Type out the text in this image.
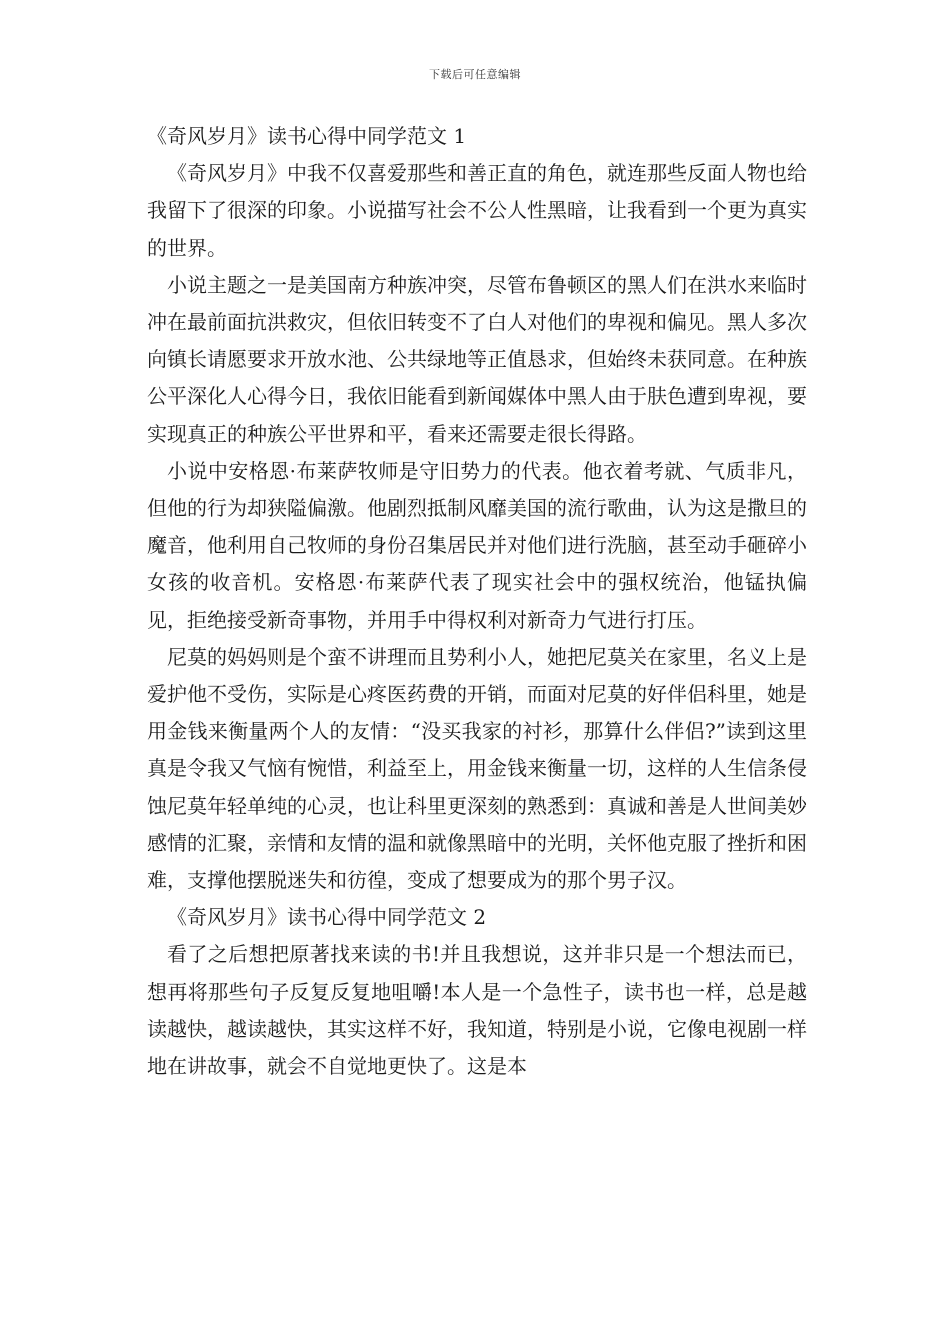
下载后可任意编辑
《奇风岁月》读书心得中同学范文 1

《奇风岁月》中我不仅喜爱那些和善正直的角色，就连那些反面人物也给我留下了很深的印象。小说描写社会不公人性黑暗，让我看到一个更为真实的世界。

小说主题之一是美国南方种族冲突，尽管布鲁顿区的黑人们在洪水来临时冲在最前面抗洪救灾，但依旧转变不了白人对他们的卑视和偏见。黑人多次向镇长请愿要求开放水池、公共绿地等正值恳求，但始终未获同意。在种族公平深化人心得今日，我依旧能看到新闻媒体中黑人由于肤色遭到卑视，要实现真正的种族公平世界和平，看来还需要走很长得路。

小说中安格恩·布莱萨牧师是守旧势力的代表。他衣着考就、气质非凡，但他的行为却狭隘偏激。他剧烈抵制风靡美国的流行歌曲，认为这是撒旦的魔音，他利用自己牧师的身份召集居民并对他们进行洗脑，甚至动手砸碎小女孩的收音机。安格恩·布莱萨代表了现实社会中的强权统治，他锰执偏见，拒绝接受新奇事物，并用手中得权利对新奇力气进行打压。

尼莫的妈妈则是个蛮不讲理而且势利小人，她把尼莫关在家里，名义上是爱护他不受伤，实际是心疼医药费的开销，而面对尼莫的好伴侣科里，她是用金钱来衡量两个人的友情：“没买我家的衬衫，那算什么伴侣?”读到这里真是令我又气恼有惋惜，利益至上，用金钱来衡量一切，这样的人生信条侵蚀尼莫年轻单纯的心灵，也让科里更深刻的熟悉到：真诚和善是人世间美妙感情的汇聚，亲情和友情的温和就像黑暗中的光明，关怀他克服了挫折和困难，支撑他摆脱迷失和彷徨，变成了想要成为的那个男子汉。

《奇风岁月》读书心得中同学范文 2

看了之后想把原著找来读的书!并且我想说，这并非只是一个想法而已，想再将那些句子反复反复地咀嚼!本人是一个急性子，读书也一样，总是越读越快，越读越快，其实这样不好，我知道，特别是小说，它像电视剧一样地在讲故事，就会不自觉地更快了。这是本
